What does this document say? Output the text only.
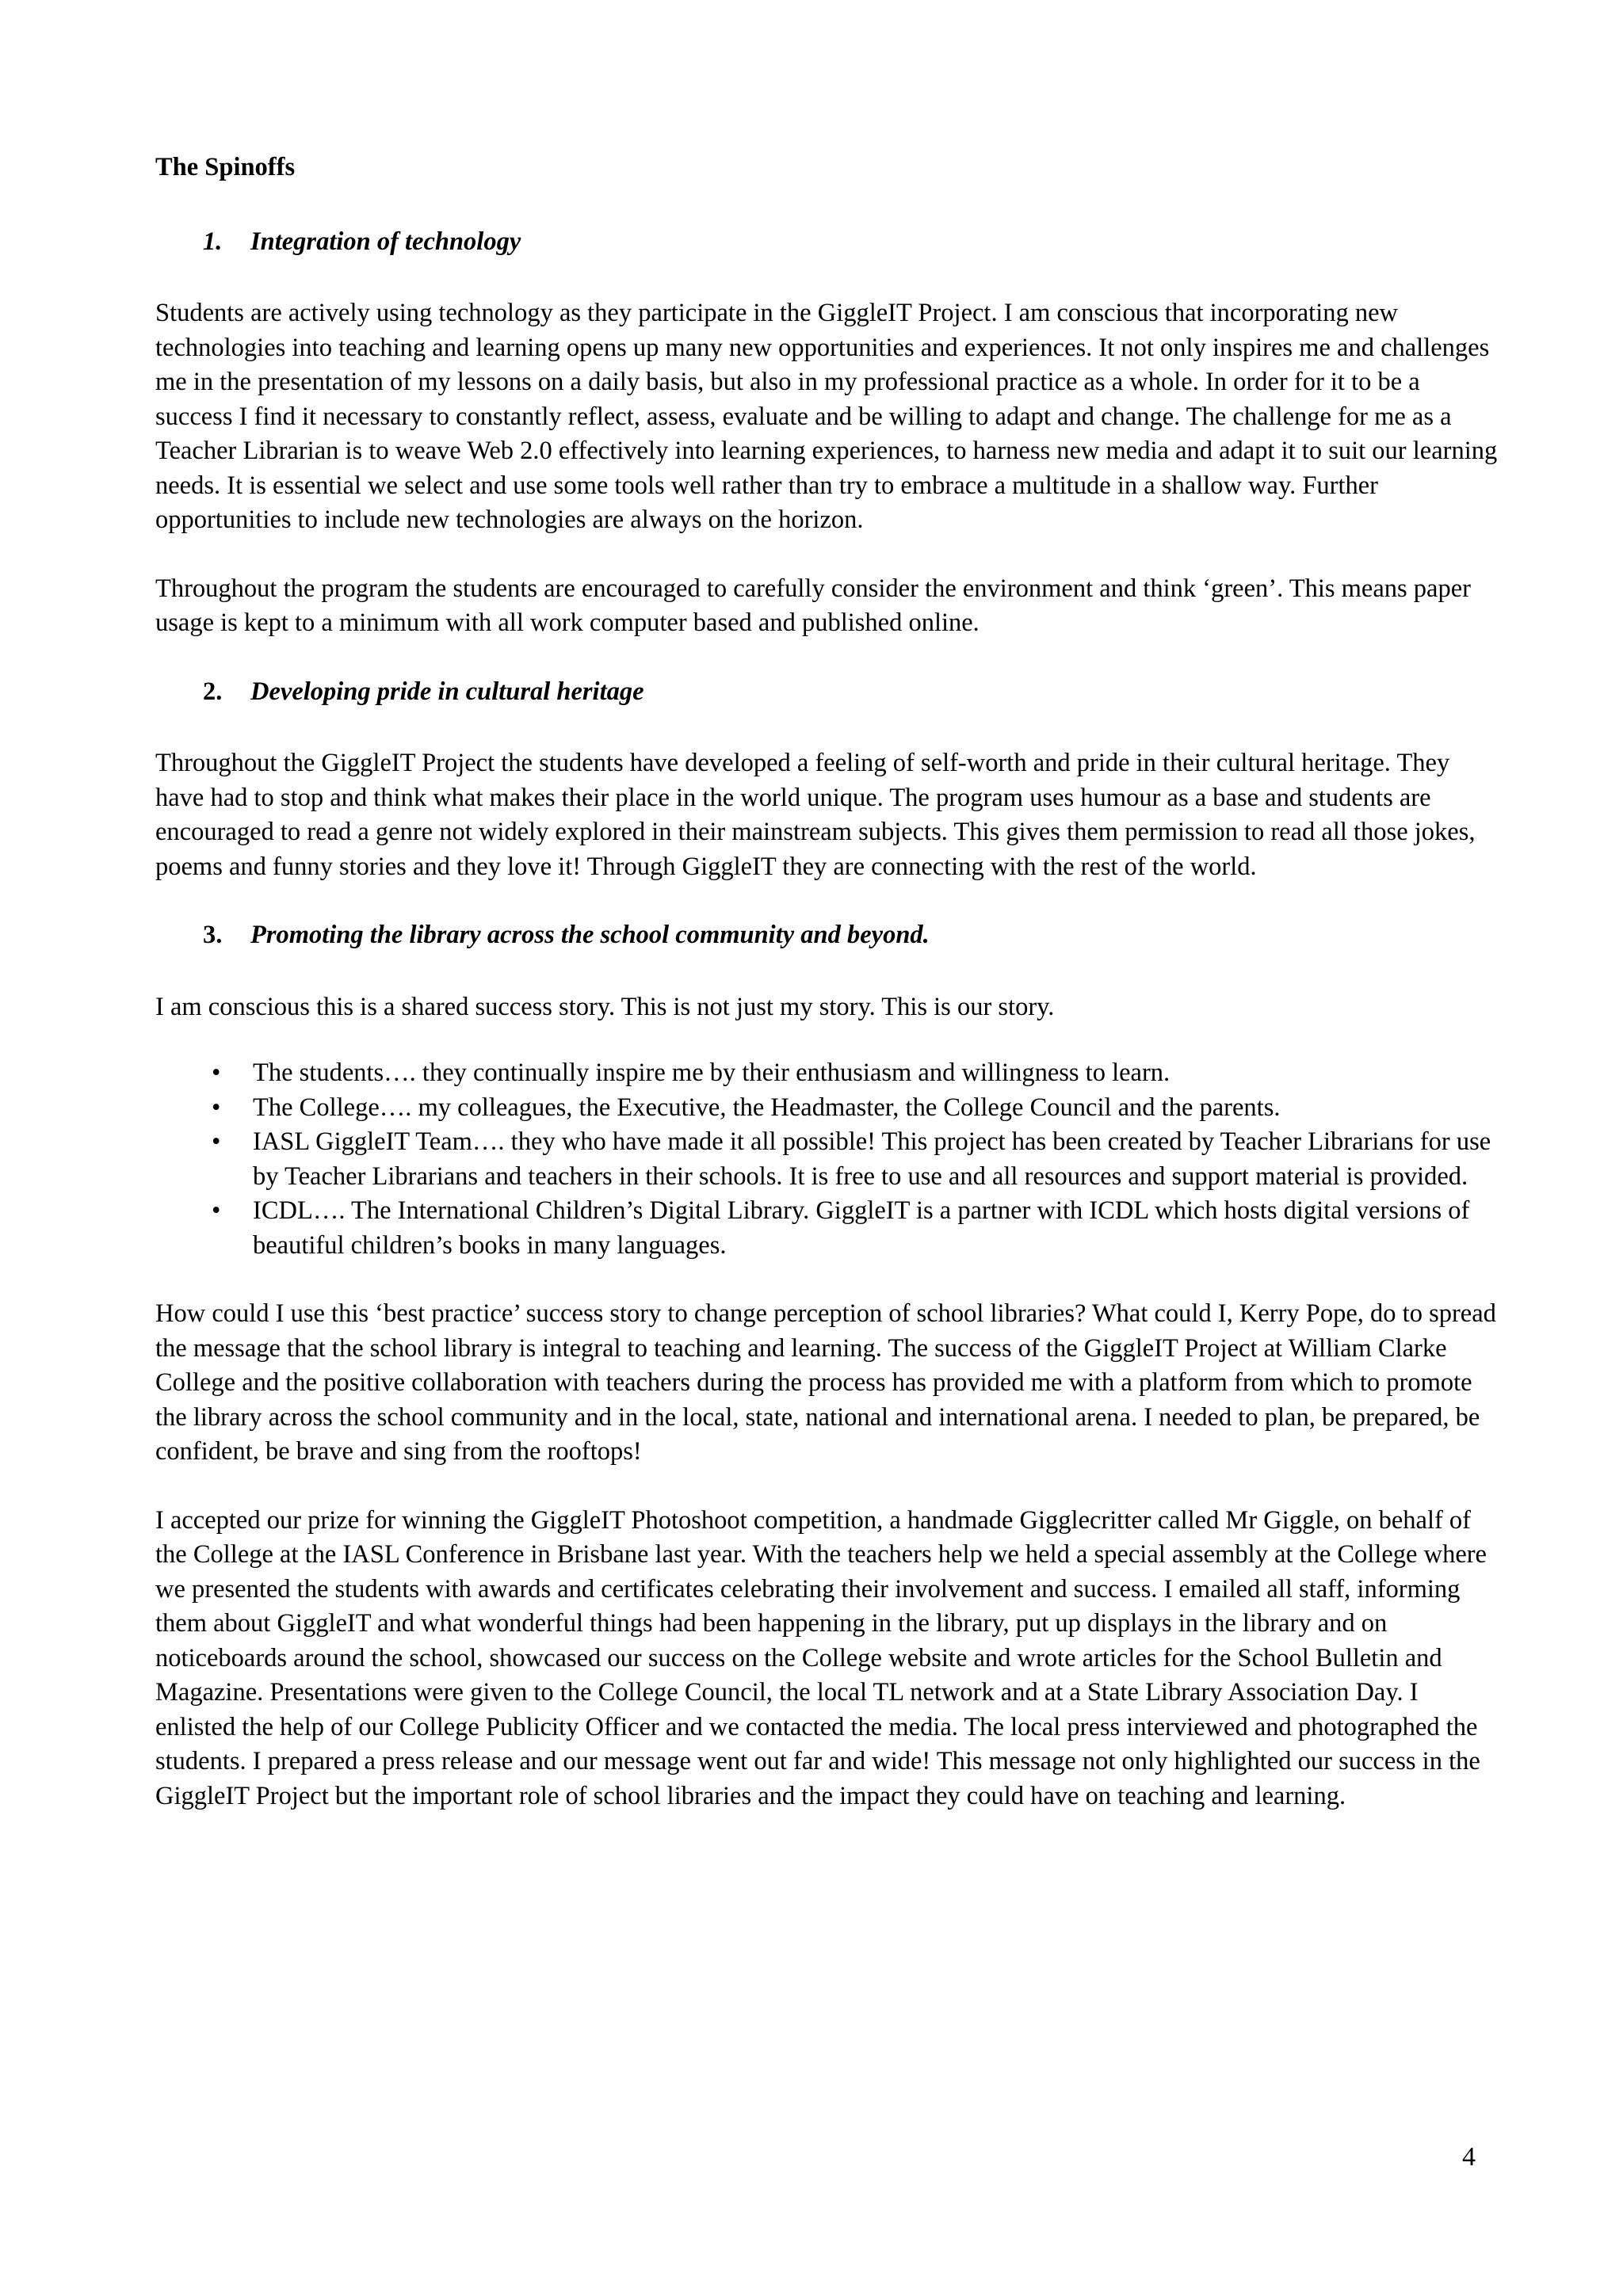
The Spinoffs
1. Integration of technology

Students are actively using technology as they participate in the GiggleIT Project. I am conscious that incorporating new technologies into teaching and learning opens up many new opportunities and experiences. It not only inspires me and challenges me in the presentation of my lessons on a daily basis, but also in my professional practice as a whole. In order for it to be a success I find it necessary to constantly reflect, assess, evaluate and be willing to adapt and change. The challenge for me as a Teacher Librarian is to weave Web 2.0 effectively into learning experiences, to harness new media and adapt it to suit our learning needs. It is essential we select and use some tools well rather than try to embrace a multitude in a shallow way. Further opportunities to include new technologies are always on the horizon.

Throughout the program the students are encouraged to carefully consider the environment and think ‘green’. This means paper usage is kept to a minimum with all work computer based and published online.

2. Developing pride in cultural heritage

Throughout the GiggleIT Project the students have developed a feeling of self-worth and pride in their cultural heritage. They have had to stop and think what makes their place in the world unique. The program uses humour as a base and students are encouraged to read a genre not widely explored in their mainstream subjects. This gives them permission to read all those jokes, poems and funny stories and they love it! Through GiggleIT they are connecting with the rest of the world.

3. Promoting the library across the school community and beyond.

I am conscious this is a shared success story. This is not just my story. This is our story.

• The students…. they continually inspire me by their enthusiasm and willingness to learn.
• The College…. my colleagues, the Executive, the Headmaster, the College Council and the parents.
• IASL GiggleIT Team…. they who have made it all possible! This project has been created by Teacher Librarians for use by Teacher Librarians and teachers in their schools. It is free to use and all resources and support material is provided.
• ICDL…. The International Children’s Digital Library. GiggleIT is a partner with ICDL which hosts digital versions of beautiful children’s books in many languages.

How could I use this ‘best practice’ success story to change perception of school libraries? What could I, Kerry Pope, do to spread the message that the school library is integral to teaching and learning. The success of the GiggleIT Project at William Clarke College and the positive collaboration with teachers during the process has provided me with a platform from which to promote the library across the school community and in the local, state, national and international arena. I needed to plan, be prepared, be confident, be brave and sing from the rooftops!

I accepted our prize for winning the GiggleIT Photoshoot competition, a handmade Gigglecritter called Mr Giggle, on behalf of the College at the IASL Conference in Brisbane last year. With the teachers help we held a special assembly at the College where we presented the students with awards and certificates celebrating their involvement and success. I emailed all staff, informing them about GiggleIT and what wonderful things had been happening in the library, put up displays in the library and on noticeboards around the school, showcased our success on the College website and wrote articles for the School Bulletin and Magazine. Presentations were given to the College Council, the local TL network and at a State Library Association Day. I enlisted the help of our College Publicity Officer and we contacted the media. The local press interviewed and photographed the students. I prepared a press release and our message went out far and wide! This message not only highlighted our success in the GiggleIT Project but the important role of school libraries and the impact they could have on teaching and learning.

4
